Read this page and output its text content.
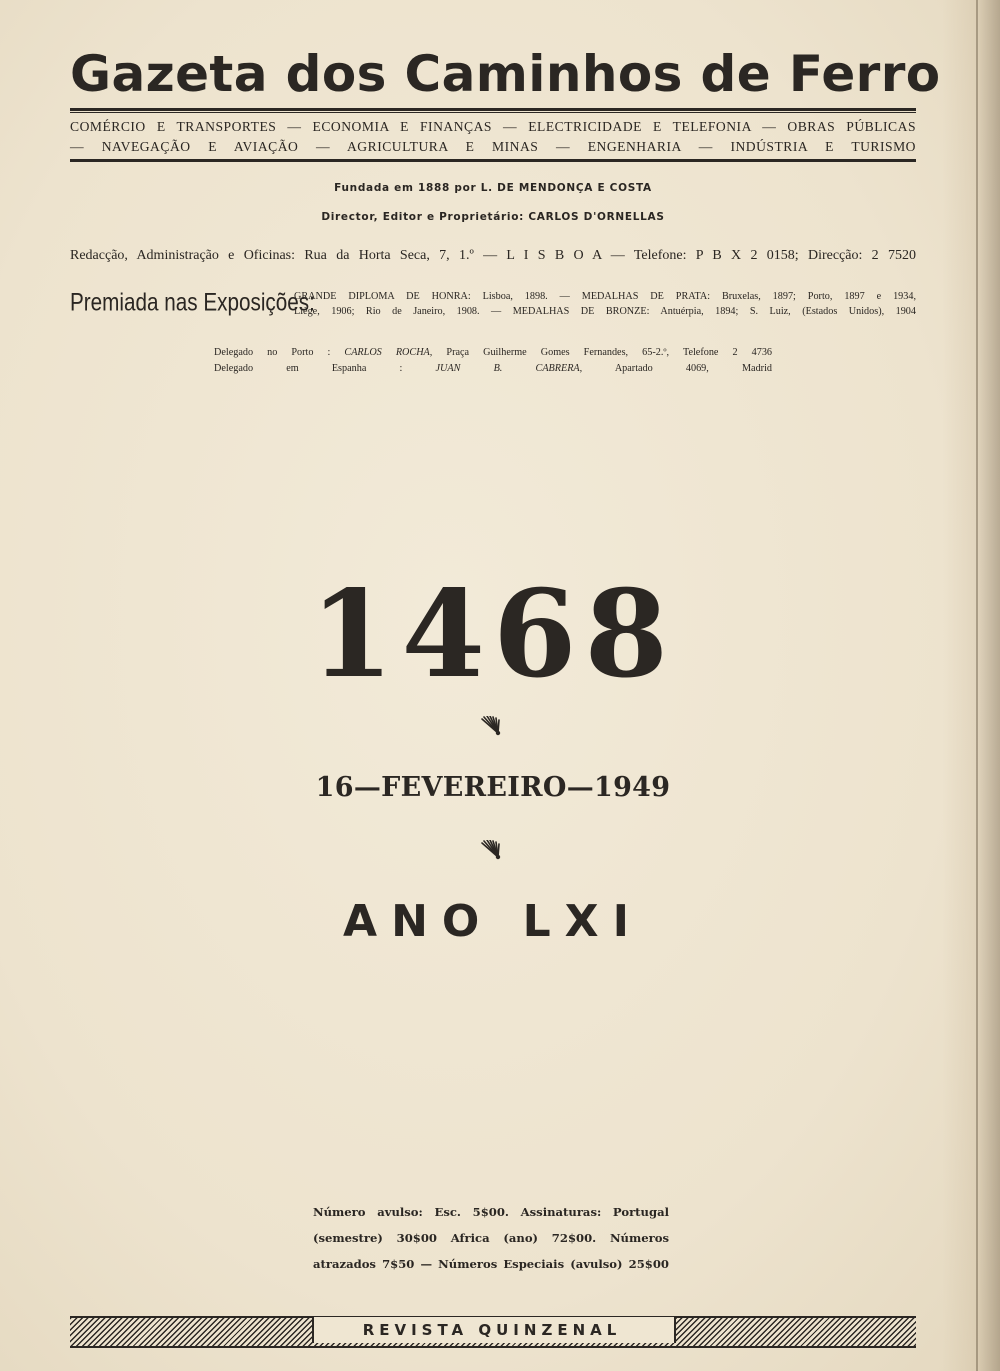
Gazeta dos Caminhos de Ferro
COMÉRCIO E TRANSPORTES — ECONOMIA E FINANÇAS — ELECTRICIDADE E TELEFONIA — OBRAS PÚBLICAS
— NAVEGAÇÃO E AVIAÇÃO — AGRICULTURA E MINAS — ENGENHARIA — INDÚSTRIA E TURISMO
Fundada em 1888 por L. DE MENDONÇA E COSTA
Director, Editor e Proprietário: CARLOS D'ORNELLAS
Redacção, Administração e Oficinas: Rua da Horta Seca, 7, 1.º — L I S B O A — Telefone: P B X 2 0158; Direcção: 2 7520
Premiada nas Exposições:
GRANDE DIPLOMA DE HONRA: Lisboa, 1898. — MEDALHAS DE PRATA: Bruxelas, 1897; Porto, 1897 e 1934,
Liège, 1906; Rio de Janeiro, 1908. — MEDALHAS DE BRONZE: Antuérpia, 1894; S. Luiz, (Estados Unidos), 1904
Delegado no Porto : CARLOS ROCHA, Praça Guilherme Gomes Fernandes, 65-2.º, Telefone 2 4736
Delegado em Espanha :	JUAN B. CABRERA,	Apartado 4069, Madrid
1468
16—FEVEREIRO—1949
ANO LXI
Número avulso: Esc. 5$00. Assinaturas: Portugal
(semestre) 30$00 Africa (ano) 72$00. Números
atrazados 7$50 — Números Especiais (avulso) 25$00
REVISTA QUINZENAL
